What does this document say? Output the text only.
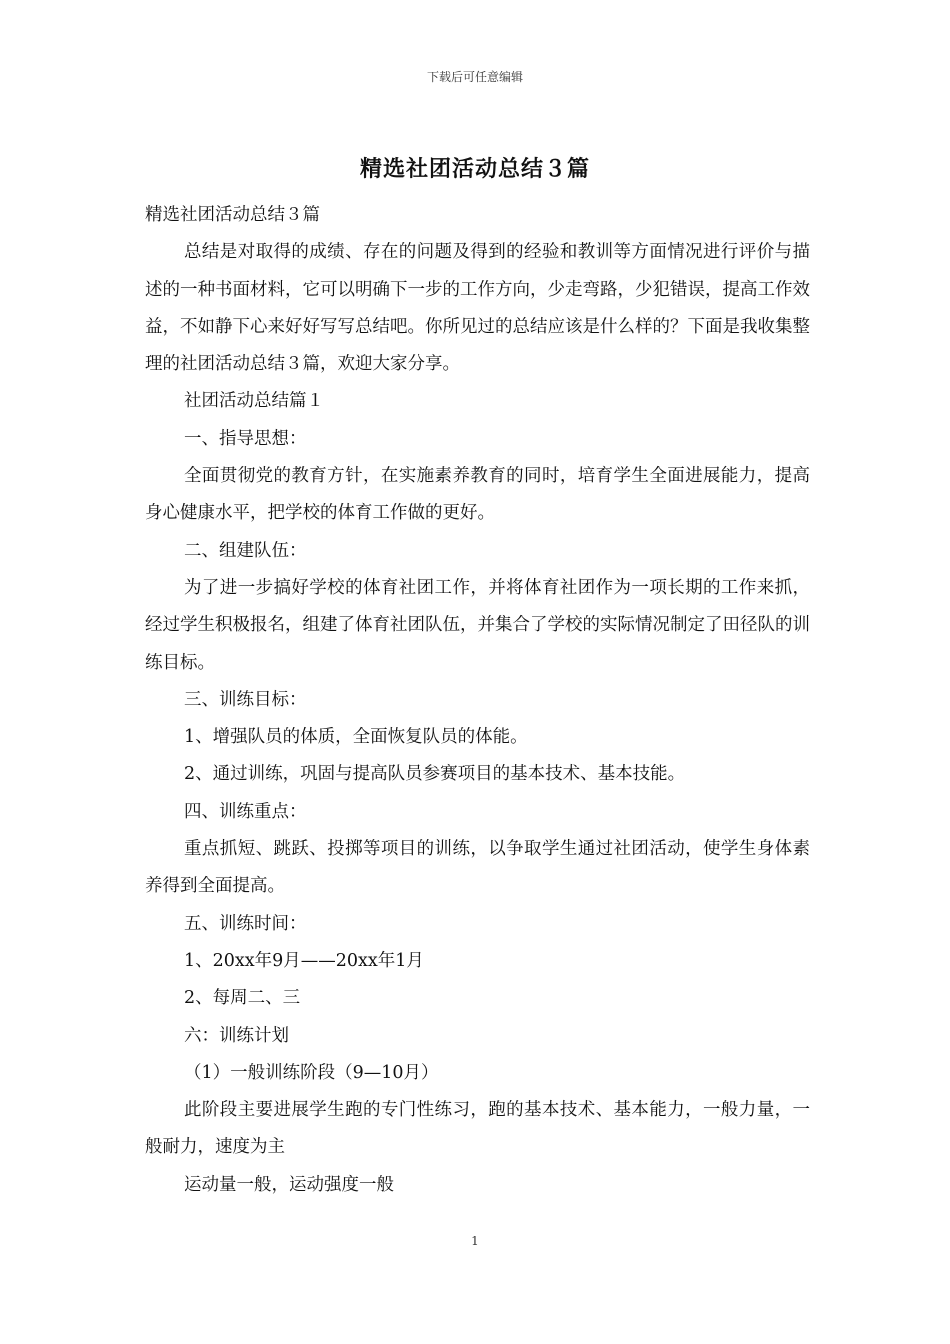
下载后可任意编辑
精选社团活动总结３篇

精选社团活动总结３篇

总结是对取得的成绩、存在的问题及得到的经验和教训等方面情况进行评价与描述的一种书面材料，它可以明确下一步的工作方向，少走弯路，少犯错误，提高工作效益，不如静下心来好好写写总结吧。你所见过的总结应该是什么样的？下面是我收集整理的社团活动总结３篇，欢迎大家分享。

社团活动总结篇１

一、指导思想：

全面贯彻党的教育方针，在实施素养教育的同时，培育学生全面进展能力，提高身心健康水平，把学校的体育工作做的更好。

二、组建队伍：

为了进一步搞好学校的体育社团工作，并将体育社团作为一项长期的工作来抓，经过学生积极报名，组建了体育社团队伍，并集合了学校的实际情况制定了田径队的训练目标。

三、训练目标：

1、增强队员的体质，全面恢复队员的体能。

2、通过训练，巩固与提高队员参赛项目的基本技术、基本技能。

四、训练重点：

重点抓短、跳跃、投掷等项目的训练，以争取学生通过社团活动，使学生身体素养得到全面提高。

五、训练时间：

1、20xx年9月——20xx年1月

2、每周二、三

六：训练计划

（1）一般训练阶段（9—10月）

此阶段主要进展学生跑的专门性练习，跑的基本技术、基本能力，一般力量，一般耐力，速度为主

运动量一般，运动强度一般

1
